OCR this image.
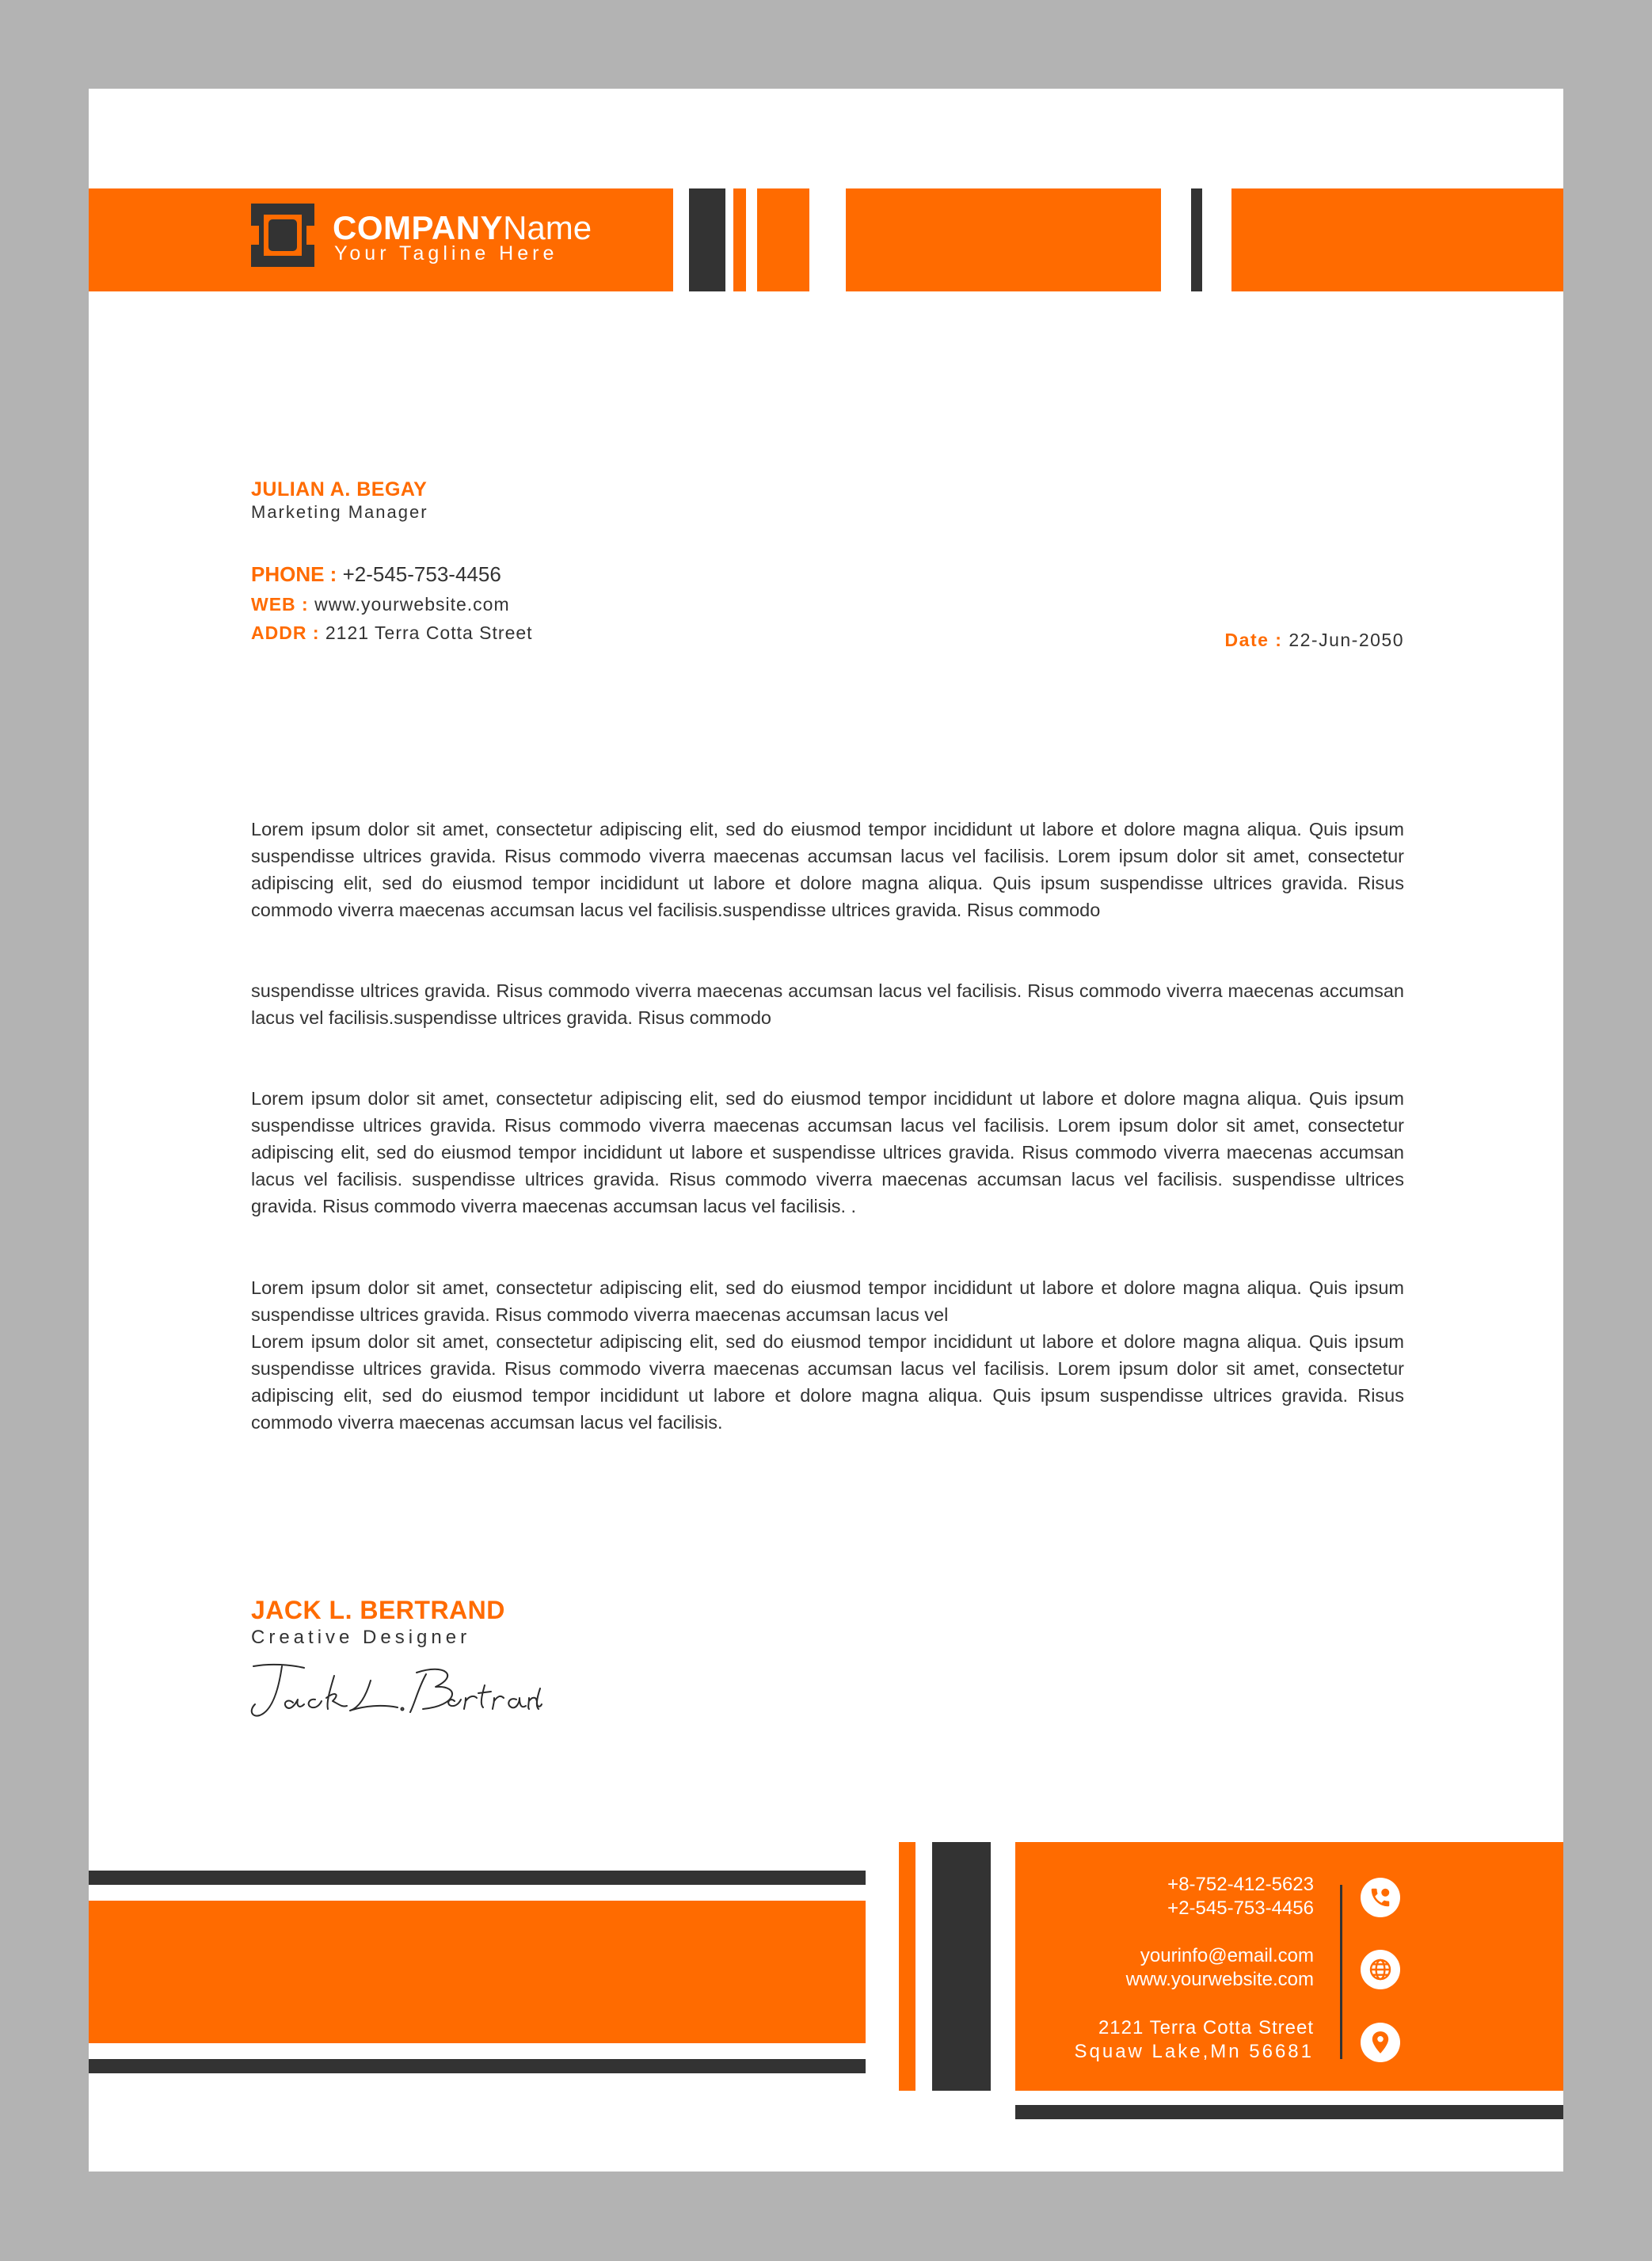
COMPANYName
Your Tagline Here
JULIAN A. BEGAY
Marketing Manager
PHONE : +2-545-753-4456
WEB : www.yourwebsite.com
ADDR : 2121 Terra Cotta Street	Date : 22-Jun-2050

Lorem ipsum dolor sit amet, consectetur adipiscing elit, sed do eiusmod tempor incididunt ut labore et dolore magna aliqua. Quis ipsum suspendisse ultrices gravida. Risus commodo viverra maecenas accumsan lacus vel facilisis. Lorem ipsum dolor sit amet, consectetur adipiscing elit, sed do eiusmod tempor incididunt ut labore et dolore magna aliqua. Quis ipsum suspendisse ultrices gravida. Risus commodo viverra maecenas accumsan lacus vel facilisis.suspendisse ultrices gravida. Risus commodo

suspendisse ultrices gravida. Risus commodo viverra maecenas accumsan lacus vel facilisis. Risus commodo viverra maecenas accumsan lacus vel facilisis.suspendisse ultrices gravida. Risus commodo

Lorem ipsum dolor sit amet, consectetur adipiscing elit, sed do eiusmod tempor incididunt ut labore et dolore magna aliqua. Quis ipsum suspendisse ultrices gravida. Risus commodo viverra maecenas accumsan lacus vel facilisis. Lorem ipsum dolor sit amet, consectetur adipiscing elit, sed do eiusmod tempor incididunt ut labore et suspendisse ultrices gravida. Risus commodo viverra maecenas accumsan lacus vel facilisis. suspendisse ultrices gravida. Risus commodo viverra maecenas accumsan lacus vel facilisis. suspendisse ultrices gravida. Risus commodo viverra maecenas accumsan lacus vel facilisis. .

Lorem ipsum dolor sit amet, consectetur adipiscing elit, sed do eiusmod tempor incididunt ut labore et dolore magna aliqua. Quis ipsum suspendisse ultrices gravida. Risus commodo viverra maecenas accumsan lacus vel

Lorem ipsum dolor sit amet, consectetur adipiscing elit, sed do eiusmod tempor incididunt ut labore et dolore magna aliqua. Quis ipsum suspendisse ultrices gravida. Risus commodo viverra maecenas accumsan lacus vel facilisis. Lorem ipsum dolor sit amet, consectetur adipiscing elit, sed do eiusmod tempor incididunt ut labore et dolore magna aliqua. Quis ipsum suspendisse ultrices gravida. Risus commodo viverra maecenas accumsan lacus vel facilisis.

JACK L. BERTRAND
Creative Designer
+8-752-412-5623
+2-545-753-4456
yourinfo@email.com
www.yourwebsite.com
2121 Terra Cotta Street
Squaw Lake,Mn 56681
